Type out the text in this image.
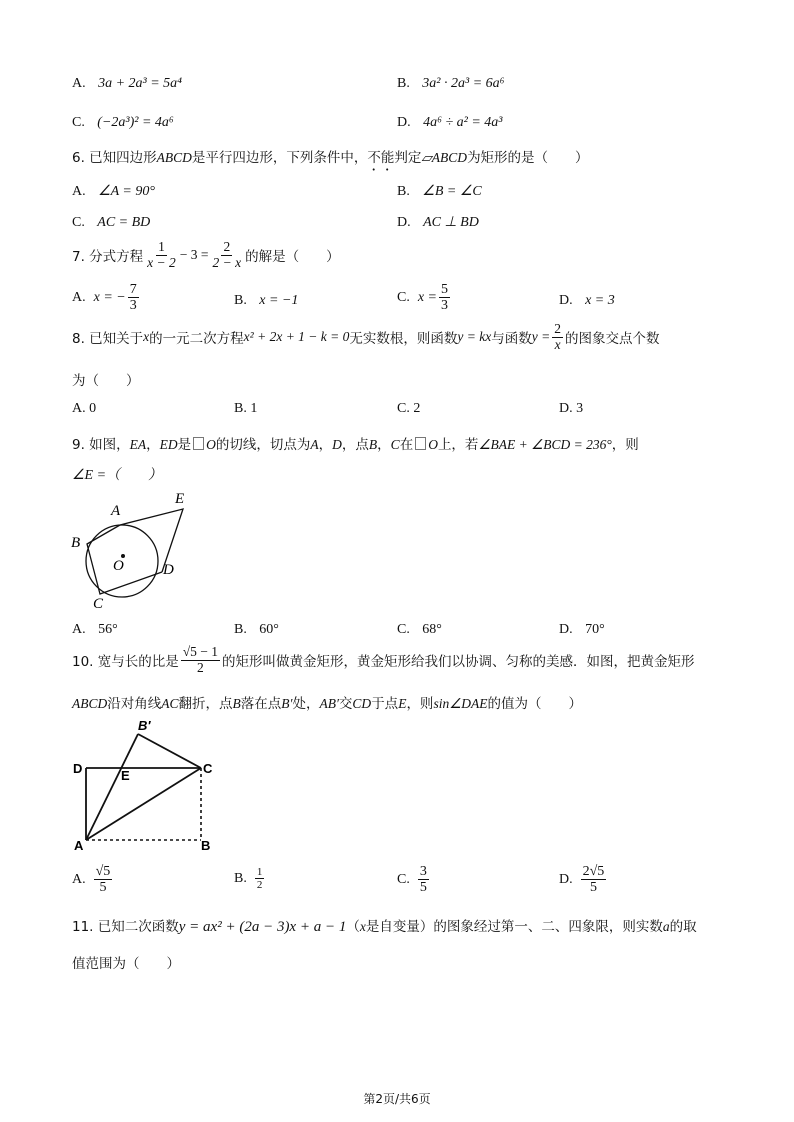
A. 3a + 2a³ = 5a⁴	B. 3a² · 2a³ = 6a⁶
C. (−2a³)² = 4a⁶	D. 4a⁶ ÷ a² = 4a³
6. 已知四边形ABCD是平行四边形，下列条件中，不能判定▱ABCD为矩形的是（　　）
A. ∠A = 90°	B. ∠B = ∠C
C. AC = BD	D. AC ⊥ BD
7. 分式方程 $\frac{1}{x - 2} - 3 = \frac{2}{2 - x}$ 的解是（　　）
A. x = − $\frac{7}{3}$	B. x = −1	C. $x = \frac{5}{3}$	D. x = 3
8. 已知关于 x 的一元二次方程 x² + 2x + 1 − k = 0 无实数根，则函数 y = kx 与函数 $y = \frac{2}{x}$ 的图象交点个数
为（　　）
A. 0	B. 1	C. 2	D. 3
9. 如图，EA，ED是 O的切线，切点为A，D，点B，C在 O上，若∠BAE + ∠BCD = 236°，则
∠E =（　　）
A
E
B
O	D
C
A. 56°	B. 60°	C. 68°	D. 70°
10. 宽与长的比是 $\frac{√5 - 1}{2}$ 的矩形叫做黄金矩形，黄金矩形给我们以协调、匀称的美感．如图，把黄金矩形
ABCD沿对角线AC翻折，点B落在点B′处，AB′交CD于点E，则sin∠DAE的值为（　　）
B′
D	E	C
A	B
A. $\frac{√5}{5}$	B. $\frac{1}{2}$	C. $\frac{3}{5}$	D. $\frac{2√5}{5}$
11. 已知二次函数y = ax² + (2a − 3)x + a − 1（x是自变量）的图象经过第一、二、四象限，则实数a的取
值范围为（　　）
第2页/共6页
